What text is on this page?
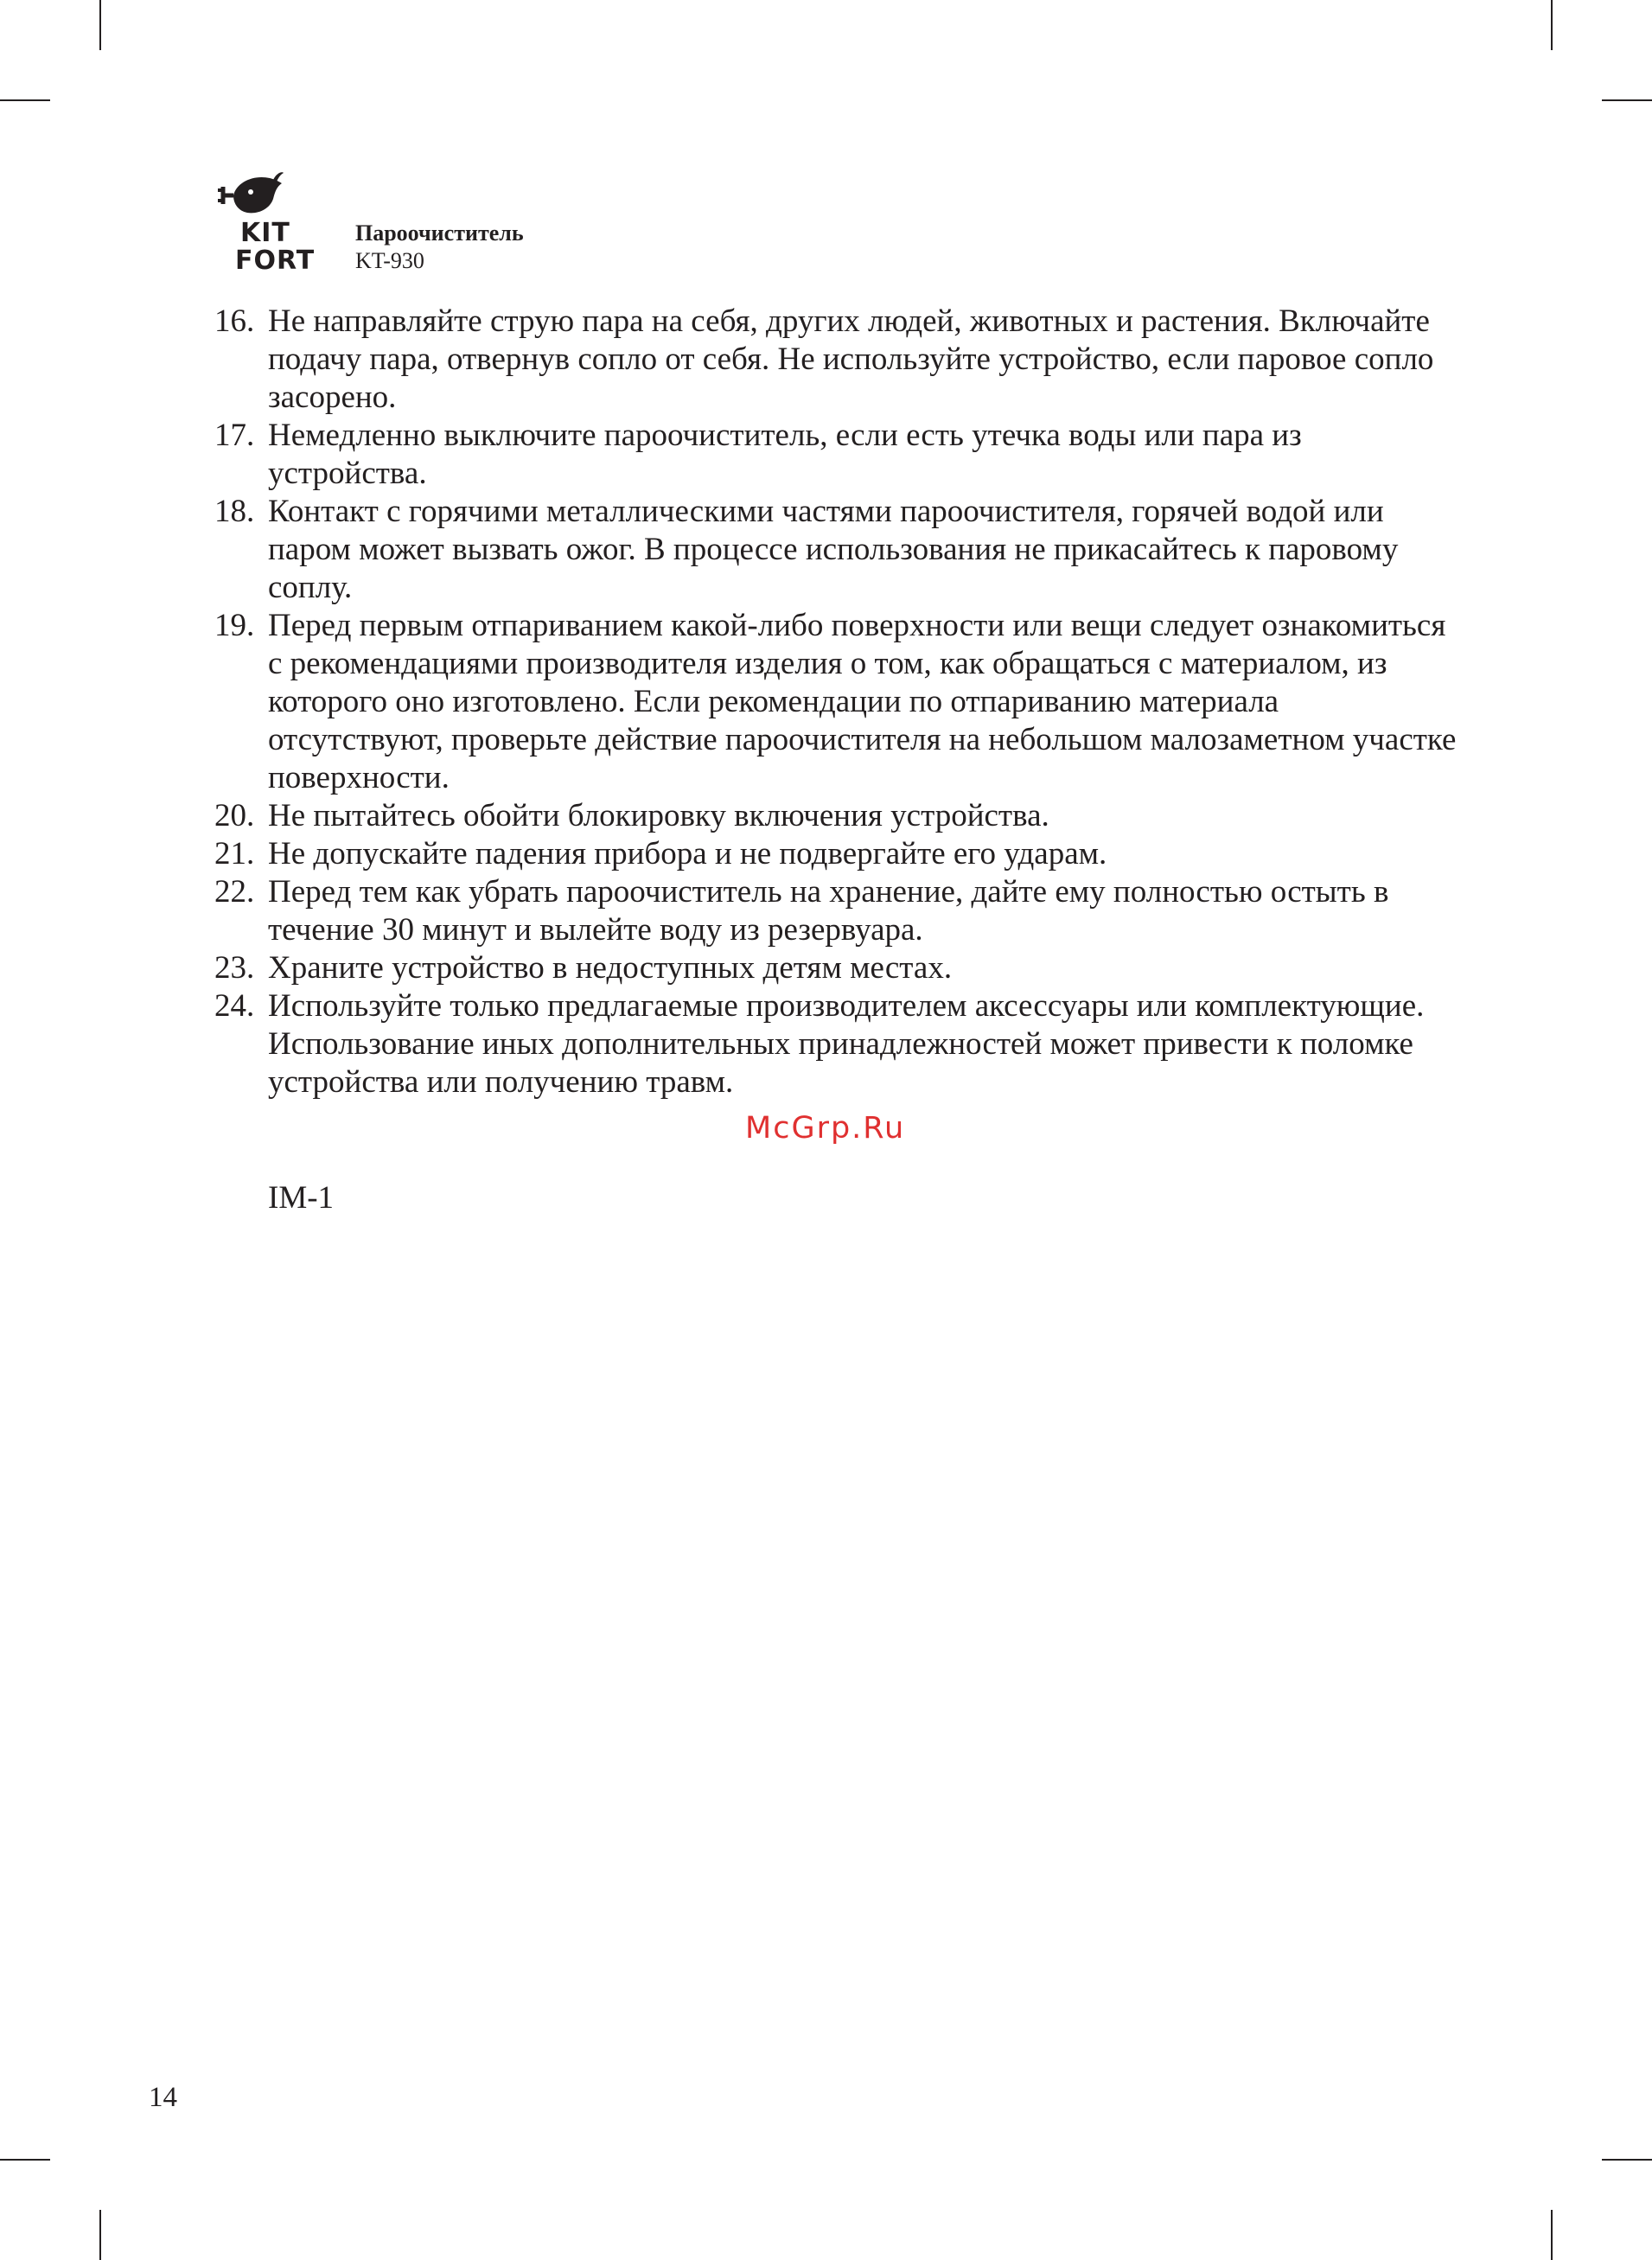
KIT
FORT
Пароочиститель
KT-930
16. Не направляйте струю пара на себя, других людей, животных и растения. Включайте подачу пара, отвернув сопло от себя. Не используйте устройство, если паровое сопло засорено.
17. Немедленно выключите пароочиститель, если есть утечка воды или пара из устройства.
18. Контакт с горячими металлическими частями пароочистителя, горячей водой или паром может вызвать ожог. В процессе использования не прикасайтесь к паровому соплу.
19. Перед первым отпариванием какой-либо поверхности или вещи следует ознакомиться с рекомендациями производителя изделия о том, как обращаться с материалом, из которого оно изготовлено. Если рекомендации по отпариванию материала отсутствуют, проверьте действие пароочистителя на небольшом малозаметном участке поверхности.
20. Не пытайтесь обойти блокировку включения устройства.
21. Не допускайте падения прибора и не подвергайте его ударам.
22. Перед тем как убрать пароочиститель на хранение, дайте ему полностью остыть в течение 30 минут и вылейте воду из резервуара.
23. Храните устройство в недоступных детям местах.
24. Используйте только предлагаемые производителем аксессуары или комплектующие. Использование иных дополнительных принадлежностей может привести к поломке устройства или получению травм.
McGrp.Ru
IM-1
14
